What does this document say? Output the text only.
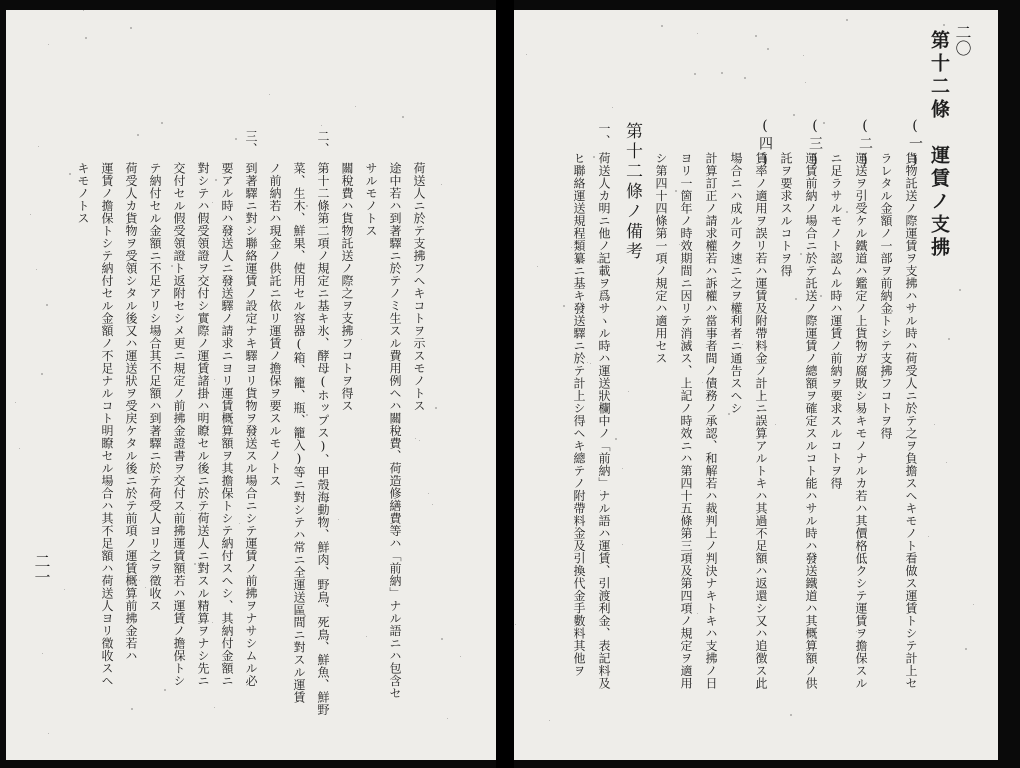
荷送人ニ於テ支拂フヘキコトヲ示スモノトス
途中若ハ到著驛ニ於テノミ生スル費用例ヘハ關稅費、荷造修繕費等ハ「前納」ナル語ニハ包含セ
サルモノトス
關稅費ハ貨物託送ノ際之ヲ支拂フコトヲ得ス
二、
第十二條第二項ノ規定ニ基キ氷、酵母(ホップス)、甲殼海動物、鮮肉、野鳥、死鳥、鮮魚、鮮野
菜、生木、鮮果、使用セル容器(箱、籠、瓶、籠入)等ニ對シテハ常ニ全運送區間ニ對スル運賃
ノ前納若ハ現金ノ供託ニ依リ運賃ノ擔保ヲ要スルモノトス
三、
到著驛ニ對シ聯絡運賃ノ設定ナキ驛ヨリ貨物ヲ發送スル場合ニシテ運賃ノ前拂ヲナサシムル必
要アル時ハ發送人ニ發送驛ノ請求ニヨリ運賃概算額ヲ其擔保トシテ納付スヘシ、其納付金額ニ
對シテハ假受領證ヲ交付シ實際ノ運賃諸掛ハ明瞭セル後ニ於テ荷送人ニ對スル精算ヲナシ先ニ
交付セル假受領證ト返附セシメ更ニ規定ノ前拂金證書ヲ交付ス前拂運賃額若ハ運賃ノ擔保トシ
テ納付セル金額ニ不足アリシ場合其不足額ハ到著驛ニ於テ荷受人ヨリ之ヲ徵收ス
荷受人カ貨物ヲ受領シタル後又ハ運送狀ヲ受戻ケタル後ニ於テ前項ノ運賃概算前拂金若ハ
運賃ノ擔保トシテ納付セル金額ノ不足ナルコト明瞭セル場合ハ其不足額ハ荷送人ヨリ徵收スヘ
キモノトス
二一
第十二條　運賃ノ支拂
(一)
貨物託送ノ際運賃ヲ支拂ハサル時ハ荷受人ニ於テ之ヲ負擔スヘキモノト看做ス運賃トシテ計上セ
ラレタル金額ノ一部ヲ前納金トシテ支拂フコトヲ得
(二)
運送ヲ引受ケル鐵道ハ鑑定ノ上貨物ガ腐敗シ易キモノナルカ若ハ其價格低クシテ運賃ヲ擔保スル
ニ足ラサルモノト認ムル時ハ運賃ノ前納ヲ要求スルコトヲ得
(三)
運賃前納ノ場合ニ於テ託送ノ際運賃ノ總額ヲ確定スルコト能ハサル時ハ發送鐵道ハ其概算額ノ供
託ヲ要求スルコトヲ得
(四)
賃率ノ適用ヲ誤リ若ハ運賃及附帶料金ノ計上ニ誤算アルトキハ其過不足額ハ返還シ又ハ追徴ス此
場合ニハ成ル可ク速ニ之ヲ權利者ニ通告スヘシ
計算訂正ノ請求權若ハ訴權ハ當事者間ノ債務ノ承認、和解若ハ裁判上ノ判決ナキトキハ支拂ノ日
ヨリ一箇年ノ時效期間ニ因リテ消滅ス、上記ノ時效ニハ第四十五條第三項及第四項ノ規定ヲ適用
シ第四十四條第一項ノ規定ハ適用セス
第十二條ノ備考
一、
荷送人カ明ニ他ノ記載ヲ爲サヽル時ハ運送狀欄中ノ「前納」ナル語ハ運賃、引渡利金、表記料及
ヒ聯絡運送規程類纂ニ基キ發送驛ニ於テ計上シ得ヘキ總テノ附帶料金及引換代金手數料其他ヲ
二〇
